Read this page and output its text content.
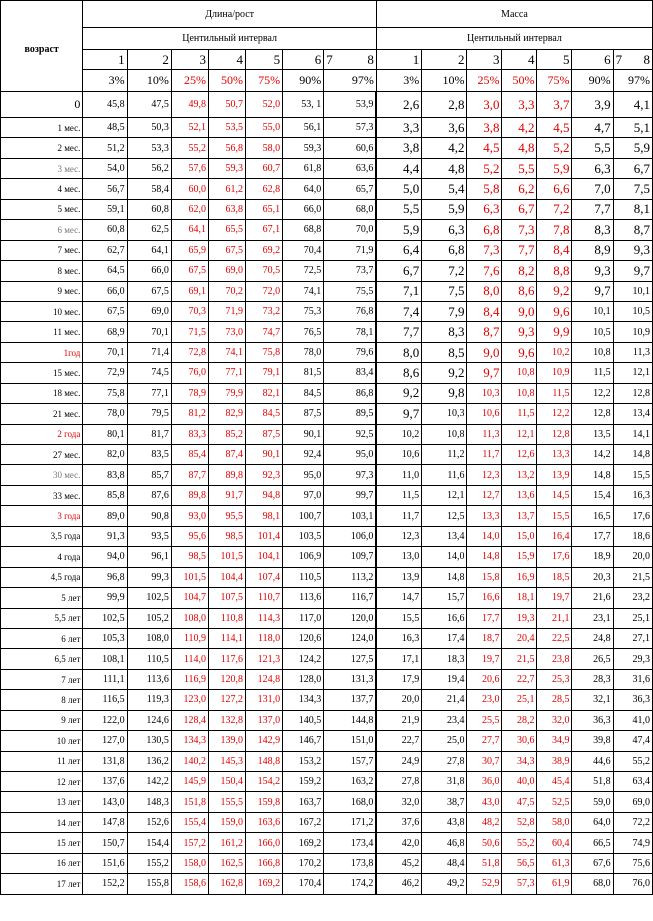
возраст	Длина/рост							Масса						
	Центильный интервал							Центильный интервал						
	1	2	3	4	5	6	7 8	1	2	3	4	5	6	7 8
	3%	10%	25%	50%	75%	90%	97%	3%	10%	25%	50%	75%	90%	97%
0	45,8	47,5	49,8	50,7	52,0	53, 1	53,9	2,6	2,8	3,0	3,3	3,7	3,9	4,1
1 мес.	48,5	50,3	52,1	53,5	55,0	56,1	57,3	3,3	3,6	3,8	4,2	4,5	4,7	5,1
2 мес.	51,2	53,3	55,2	56,8	58,0	59,3	60,6	3,8	4,2	4,5	4,8	5,2	5,5	5,9
3 мес.	54,0	56,2	57,6	59,3	60,7	61,8	63,6	4,4	4,8	5,2	5,5	5,9	6,3	6,7
4 мес.	56,7	58,4	60,0	61,2	62,8	64,0	65,7	5,0	5,4	5,8	6,2	6,6	7,0	7,5
5 мес.	59,1	60,8	62,0	63,8	65,1	66,0	68,0	5,5	5,9	6,3	6,7	7,2	7,7	8,1
6 мес.	60,8	62,5	64,1	65,5	67,1	68,8	70,0	5,9	6,3	6,8	7,3	7,8	8,3	8,7
7 мес.	62,7	64,1	65,9	67,5	69,2	70,4	71,9	6,4	6,8	7,3	7,7	8,4	8,9	9,3
8 мес.	64,5	66,0	67,5	69,0	70,5	72,5	73,7	6,7	7,2	7,6	8,2	8,8	9,3	9,7
9 мес.	66,0	67,5	69,1	70,2	72,0	74,1	75,5	7,1	7,5	8,0	8,6	9,2	9,7	10,1
10 мес.	67,5	69,0	70,3	71,9	73,2	75,3	76,8	7,4	7,9	8,4	9,0	9,6	10,1	10,5
11 мес.	68,9	70,1	71,5	73,0	74,7	76,5	78,1	7,7	8,3	8,7	9,3	9,9	10,5	10,9
1год	70,1	71,4	72,8	74,1	75,8	78,0	79,6	8,0	8,5	9,0	9,6	10,2	10,8	11,3
15 мес.	72,9	74,5	76,0	77,1	79,1	81,5	83,4	8,6	9,2	9,7	10,8	10,9	11,5	12,1
18 мес.	75,8	77,1	78,9	79,9	82,1	84,5	86,8	9,2	9,8	10,3	10,8	11,5	12,2	12,8
21 мес.	78,0	79,5	81,2	82,9	84,5	87,5	89,5	9,7	10,3	10,6	11,5	12,2	12,8	13,4
2 года	80,1	81,7	83,3	85,2	87,5	90,1	92,5	10,2	10,8	11,3	12,1	12,8	13,5	14,1
27 мес.	82,0	83,5	85,4	87,4	90,1	92,4	95,0	10,6	11,2	11,7	12,6	13,3	14,2	14,8
30 мес.	83,8	85,7	87,7	89,8	92,3	95,0	97,3	11,0	11,6	12,3	13,2	13,9	14,8	15,5
33 мес.	85,8	87,6	89,8	91,7	94,8	97,0	99,7	11,5	12,1	12,7	13,6	14,5	15,4	16,3
3 года	89,0	90,8	93,0	95,5	98,1	100,7	103,1	11,7	12,5	13,3	13,7	15,5	16,5	17,6
3,5 года	91,3	93,5	95,6	98,5	101,4	103,5	106,0	12,3	13,4	14,0	15,0	16,4	17,7	18,6
4 года	94,0	96,1	98,5	101,5	104,1	106,9	109,7	13,0	14,0	14,8	15,9	17,6	18,9	20,0
4,5 года	96,8	99,3	101,5	104,4	107,4	110,5	113,2	13,9	14,8	15,8	16,9	18,5	20,3	21,5
5 лет	99,9	102,5	104,7	107,5	110,7	113,6	116,7	14,7	15,7	16,6	18,1	19,7	21,6	23,2
5,5 лет	102,5	105,2	108,0	110,8	114,3	117,0	120,0	15,5	16,6	17,7	19,3	21,1	23,1	25,1
6 лет	105,3	108,0	110,9	114,1	118,0	120,6	124,0	16,3	17,4	18,7	20,4	22,5	24,8	27,1
6,5 лет	108,1	110,5	114,0	117,6	121,3	124,2	127,5	17,1	18,3	19,7	21,5	23,8	26,5	29,3
7 лет	111,1	113,6	116,9	120,8	124,8	128,0	131,3	17,9	19,4	20,6	22,7	25,3	28,3	31,6
8 лет	116,5	119,3	123,0	127,2	131,0	134,3	137,7	20,0	21,4	23,0	25,1	28,5	32,1	36,3
9 лет	122,0	124,6	128,4	132,8	137,0	140,5	144,8	21,9	23,4	25,5	28,2	32,0	36,3	41,0
10 лет	127,0	130,5	134,3	139,0	142,9	146,7	151,0	22,7	25,0	27,7	30,6	34,9	39,8	47,4
11 лет	131,8	136,2	140,2	145,3	148,8	153,2	157,7	24,9	27,8	30,7	34,3	38,9	44,6	55,2
12 лет	137,6	142,2	145,9	150,4	154,2	159,2	163,2	27,8	31,8	36,0	40,0	45,4	51,8	63,4
13 лет	143,0	148,3	151,8	155,5	159,8	163,7	168,0	32,0	38,7	43,0	47,5	52,5	59,0	69,0
14 лет	147,8	152,6	155,4	159,0	163,6	167,2	171,2	37,6	43,8	48,2	52,8	58,0	64,0	72,2
15 лет	150,7	154,4	157,2	161,2	166,0	169,2	173,4	42,0	46,8	50,6	55,2	60,4	66,5	74,9
16 лет	151,6	155,2	158,0	162,5	166,8	170,2	173,8	45,2	48,4	51,8	56,5	61,3	67,6	75,6
17 лет	152,2	155,8	158,6	162,8	169,2	170,4	174,2	46,2	49,2	52,9	57,3	61,9	68,0	76,0
